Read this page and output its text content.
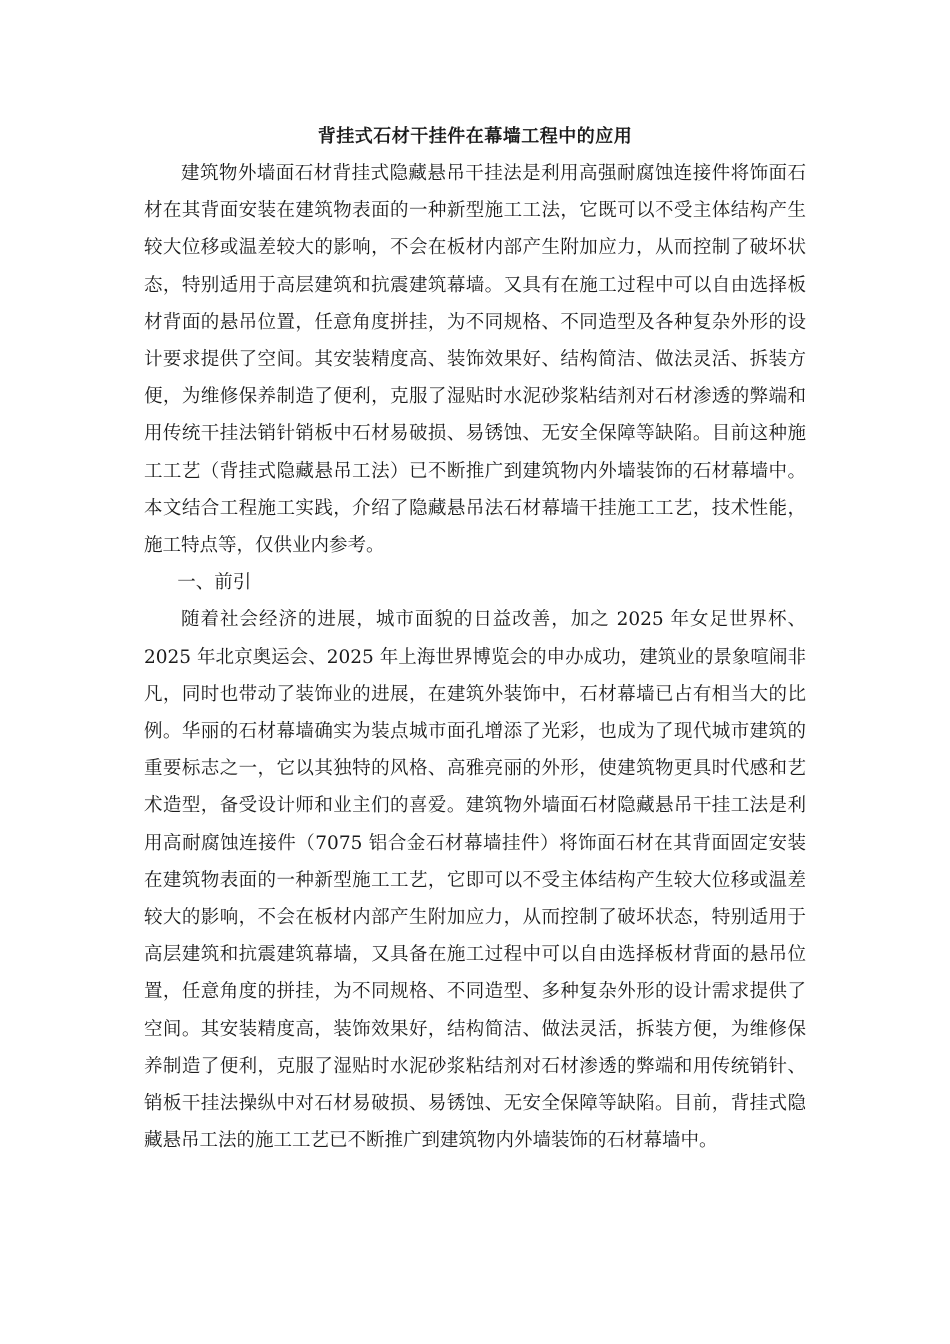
背挂式石材干挂件在幕墙工程中的应用

建筑物外墙面石材背挂式隐藏悬吊干挂法是利用高强耐腐蚀连接件将饰面石材在其背面安装在建筑物表面的一种新型施工工法，它既可以不受主体结构产生较大位移或温差较大的影响，不会在板材内部产生附加应力，从而控制了破坏状态，特别适用于高层建筑和抗震建筑幕墙。又具有在施工过程中可以自由选择板材背面的悬吊位置，任意角度拼挂，为不同规格、不同造型及各种复杂外形的设计要求提供了空间。其安装精度高、装饰效果好、结构简洁、做法灵活、拆装方便，为维修保养制造了便利，克服了湿贴时水泥砂浆粘结剂对石材渗透的弊端和用传统干挂法销针销板中石材易破损、易锈蚀、无安全保障等缺陷。目前这种施工工艺（背挂式隐藏悬吊工法）已不断推广到建筑物内外墙装饰的石材幕墙中。本文结合工程施工实践，介绍了隐藏悬吊法石材幕墙干挂施工工艺，技术性能，施工特点等，仅供业内参考。

一、前引

随着社会经济的进展，城市面貌的日益改善，加之 2025 年女足世界杯、2025 年北京奥运会、2025 年上海世界博览会的申办成功，建筑业的景象喧闹非凡，同时也带动了装饰业的进展，在建筑外装饰中，石材幕墙已占有相当大的比例。华丽的石材幕墙确实为装点城市面孔增添了光彩，也成为了现代城市建筑的重要标志之一，它以其独特的风格、高雅亮丽的外形，使建筑物更具时代感和艺术造型，备受设计师和业主们的喜爱。建筑物外墙面石材隐藏悬吊干挂工法是利用高耐腐蚀连接件（7075 铝合金石材幕墙挂件）将饰面石材在其背面固定安装在建筑物表面的一种新型施工工艺，它即可以不受主体结构产生较大位移或温差较大的影响，不会在板材内部产生附加应力，从而控制了破坏状态，特别适用于高层建筑和抗震建筑幕墙，又具备在施工过程中可以自由选择板材背面的悬吊位置，任意角度的拼挂，为不同规格、不同造型、多种复杂外形的设计需求提供了空间。其安装精度高，装饰效果好，结构简洁、做法灵活，拆装方便，为维修保养制造了便利，克服了湿贴时水泥砂浆粘结剂对石材渗透的弊端和用传统销针、销板干挂法操纵中对石材易破损、易锈蚀、无安全保障等缺陷。目前，背挂式隐藏悬吊工法的施工工艺已不断推广到建筑物内外墙装饰的石材幕墙中。
